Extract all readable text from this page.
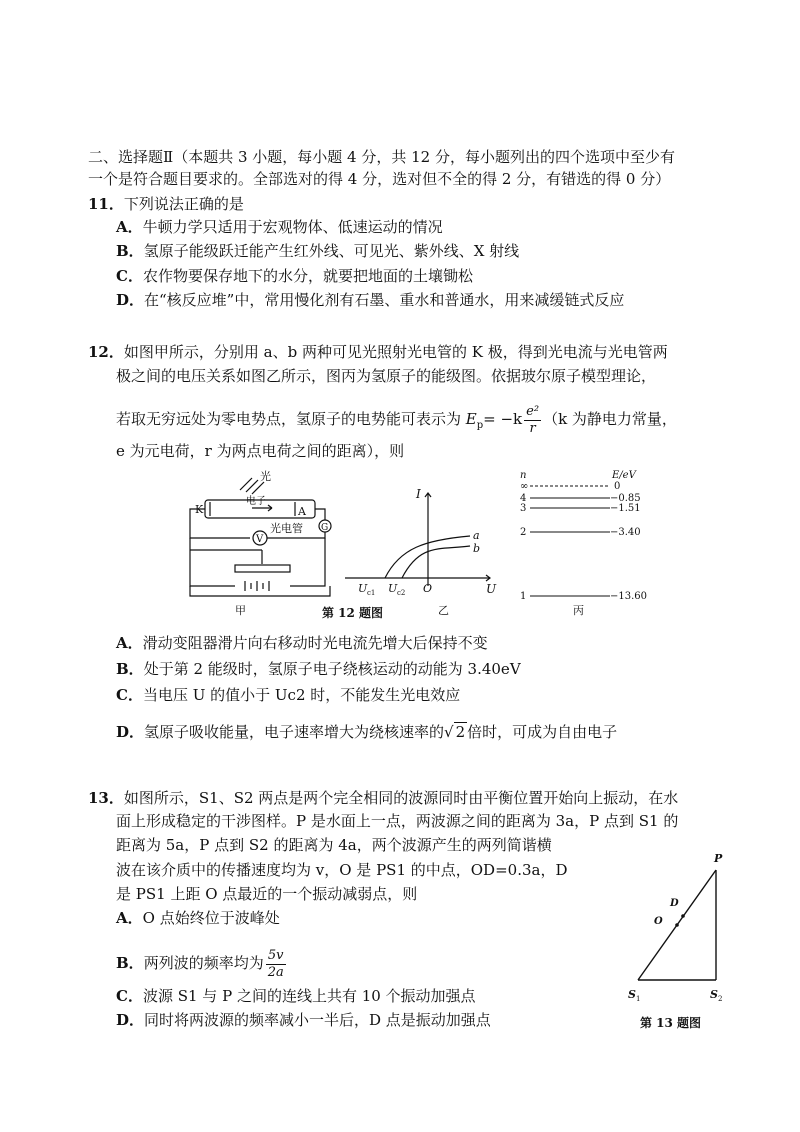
二、选择题Ⅱ（本题共 3 小题，每小题 4 分，共 12 分，每小题列出的四个选项中至少有
一个是符合题目要求的。全部选对的得 4 分，选对但不全的得 2 分，有错选的得 0 分）
11．下列说法正确的是
A．牛顿力学只适用于宏观物体、低速运动的情况
B．氢原子能级跃迁能产生红外线、可见光、紫外线、X 射线
C．农作物要保存地下的水分，就要把地面的土壤锄松
D．在“核反应堆”中，常用慢化剂有石墨、重水和普通水，用来减缓链式反应
12．如图甲所示，分别用 a、b 两种可见光照射光电管的 K 极，得到光电流与光电管两
极之间的电压关系如图乙所示，图丙为氢原子的能级图。依据玻尔原子模型理论，
若取无穷远处为零电势点，氢原子的电势能可表示为 $E_p= -k \frac{\text{e²}}{r} (k$ 为静电力常量，
e 为元电荷，r 为两点电荷之间的距离），则
光
K	A
电子
光电管 G
V
甲
I
U
O
U c1 U c2
a
b
乙
n	E/eV
∞
4
3
2
1
0
−0.85
−1.51
−3.40
−13.60
丙
第 12 题图
A．滑动变阻器滑片向右移动时光电流先增大后保持不变
B．处于第 2 能级时，氢原子电子绕核运动的动能为 3.40eV
C．当电压 U 的值小于 Uc2 时，不能发生光电效应
D．氢原子吸收能量，电子速率增大为绕核速率的√ 2 倍时，可成为自由电子
13．如图所示，S1、S2 两点是两个完全相同的波源同时由平衡位置开始向上振动，在水
面上形成稳定的干涉图样。P 是水面上一点，两波源之间的距离为 3a，P 点到 S1 的
距离为 5a，P 点到 S2 的距离为 4a，两个波源产生的两列简谐横
波在该介质中的传播速度均为 v，O 是 PS1 的中点，OD=0.3a，D
是 PS1 上距 O 点最近的一个振动减弱点，则
A．O 点始终位于波峰处
B．两列波的频率均为 $\frac{5v}{2a}$
C．波源 S1 与 P 之间的连线上共有 10 个振动加强点
D．同时将两波源的频率减小一半后，D 点是振动加强点
P
D
O
S 1	S 2
第 13 题图
